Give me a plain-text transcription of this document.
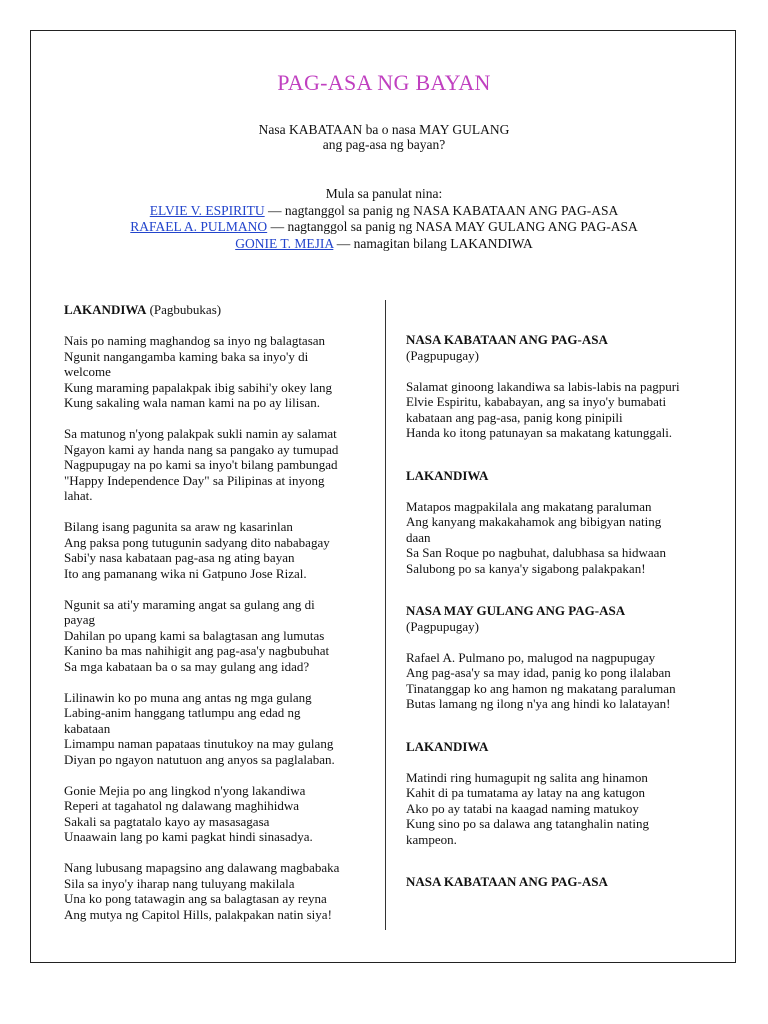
PAG-ASA NG BAYAN
Nasa KABATAAN ba o nasa MAY GULANG
ang pag-asa ng bayan?
Mula sa panulat nina:
ELVIE V. ESPIRITU — nagtanggol sa panig ng NASA KABATAAN ANG PAG-ASA
RAFAEL A. PULMANO — nagtanggol sa panig ng NASA MAY GULANG ANG PAG-ASA
GONIE T. MEJIA — namagitan bilang LAKANDIWA

LAKANDIWA (Pagbubukas)

Nais po naming maghandog sa inyo ng balagtasan
Ngunit nangangamba kaming baka sa inyo'y di
welcome
Kung maraming papalakpak ibig sabihi'y okey lang
Kung sakaling wala naman kami na po ay lilisan.

Sa matunog n'yong palakpak sukli namin ay salamat
Ngayon kami ay handa nang sa pangako ay tumupad
Nagpupugay na po kami sa inyo't bilang pambungad
"Happy Independence Day" sa Pilipinas at inyong
lahat.

Bilang isang pagunita sa araw ng kasarinlan
Ang paksa pong tutugunin sadyang dito nababagay
Sabi'y nasa kabataan pag-asa ng ating bayan
Ito ang pamanang wika ni Gatpuno Jose Rizal.

Ngunit sa ati'y maraming angat sa gulang ang di
payag
Dahilan po upang kami sa balagtasan ang lumutas
Kanino ba mas nahihigit ang pag-asa'y nagbubuhat
Sa mga kabataan ba o sa may gulang ang idad?

Lilinawin ko po muna ang antas ng mga gulang
Labing-anim hanggang tatlumpu ang edad ng
kabataan
Limampu naman papataas tinutukoy na may gulang
Diyan po ngayon natutuon ang anyos sa paglalaban.

Gonie Mejia po ang lingkod n'yong lakandiwa
Reperi at tagahatol ng dalawang maghihidwa
Sakali sa pagtatalo kayo ay masasagasa
Unaawain lang po kami pagkat hindi sinasadya.

Nang lubusang mapagsino ang dalawang magbabaka
Sila sa inyo'y iharap nang tuluyang makilala
Una ko pong tatawagin ang sa balagtasan ay reyna
Ang mutya ng Capitol Hills, palakpakan natin siya!

NASA KABATAAN ANG PAG-ASA

(Pagpupugay)

Salamat ginoong lakandiwa sa labis-labis na pagpuri
Elvie Espiritu, kababayan, ang sa inyo'y bumabati
kabataan ang pag-asa, panig kong pinipili
Handa ko itong patunayan sa makatang katunggali.

LAKANDIWA

Matapos magpakilala ang makatang paraluman
Ang kanyang makakahamok ang bibigyan nating
daan
Sa San Roque po nagbuhat, dalubhasa sa hidwaan
Salubong po sa kanya'y sigabong palakpakan!

NASA MAY GULANG ANG PAG-ASA

(Pagpupugay)

Rafael A. Pulmano po, malugod na nagpupugay
Ang pag-asa'y sa may idad, panig ko pong ilalaban
Tinatanggap ko ang hamon ng makatang paraluman
Butas lamang ng ilong n'ya ang hindi ko lalatayan!

LAKANDIWA

Matindi ring humagupit ng salita ang hinamon
Kahit di pa tumatama ay latay na ang katugon
Ako po ay tatabi na kaagad naming matukoy
Kung sino po sa dalawa ang tatanghalin nating
kampeon.

NASA KABATAAN ANG PAG-ASA
